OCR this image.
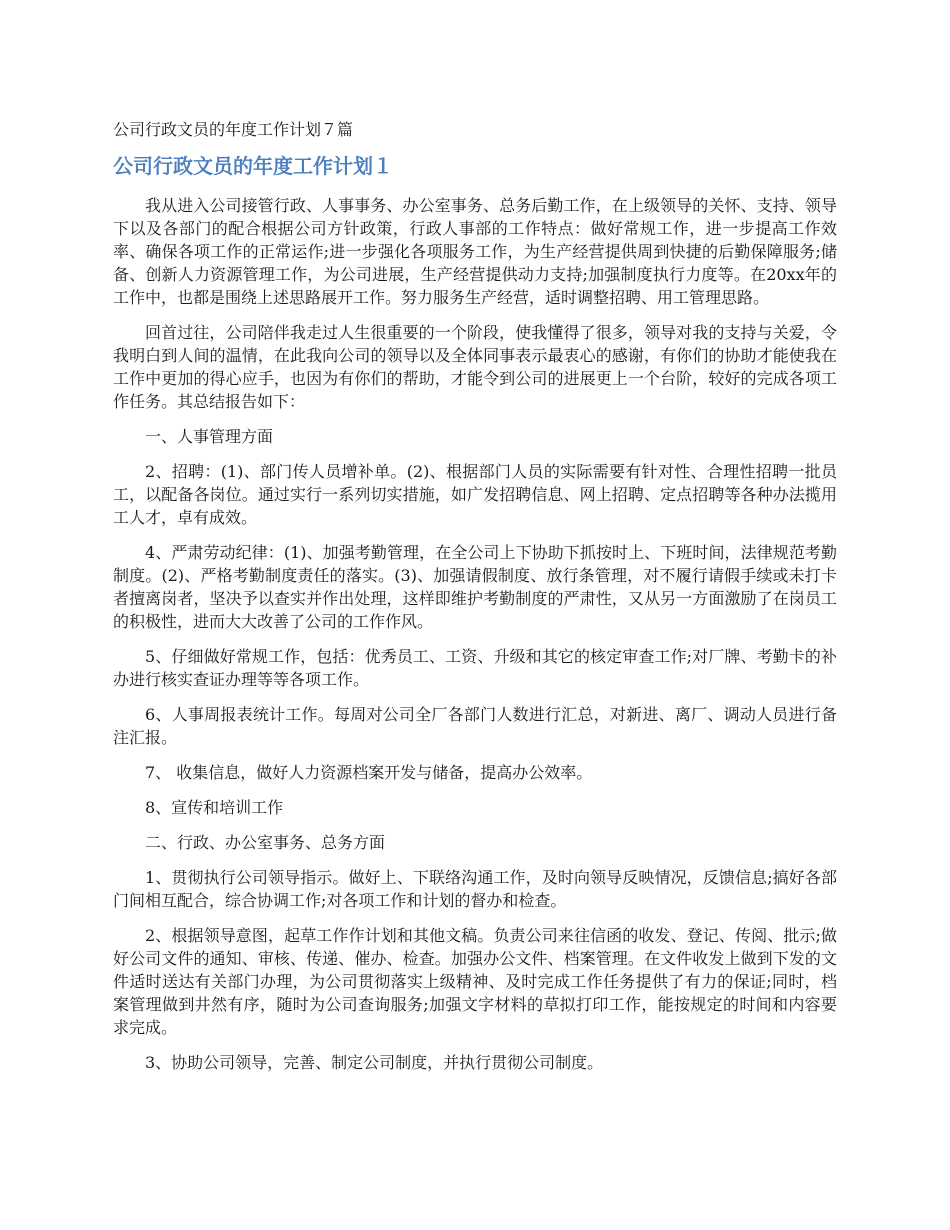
公司行政文员的年度工作计划７篇
公司行政文员的年度工作计划１

我从进入公司接管行政、人事事务、办公室事务、总务后勤工作，在上级领导的关怀、支持、领导下以及各部门的配合根据公司方针政策，行政人事部的工作特点：做好常规工作，进一步提高工作效率、确保各项工作的正常运作;进一步强化各项服务工作，为生产经营提供周到快捷的后勤保障服务;储备、创新人力资源管理工作，为公司进展，生产经营提供动力支持;加强制度执行力度等。在20xx年的工作中，也都是围绕上述思路展开工作。努力服务生产经营，适时调整招聘、用工管理思路。

回首过往，公司陪伴我走过人生很重要的一个阶段，使我懂得了很多，领导对我的支持与关爱，令我明白到人间的温情，在此我向公司的领导以及全体同事表示最衷心的感谢，有你们的协助才能使我在工作中更加的得心应手，也因为有你们的帮助，才能令到公司的进展更上一个台阶，较好的完成各项工作任务。其总结报告如下：

一、人事管理方面

2、招聘：(1)、部门传人员增补单。(2)、根据部门人员的实际需要有针对性、合理性招聘一批员工，以配备各岗位。通过实行一系列切实措施，如广发招聘信息、网上招聘、定点招聘等各种办法揽用工人才，卓有成效。

4、严肃劳动纪律：(1)、加强考勤管理，在全公司上下协助下抓按时上、下班时间，法律规范考勤制度。(2)、严格考勤制度责任的落实。(3)、加强请假制度、放行条管理，对不履行请假手续或未打卡者擅离岗者，坚决予以查实并作出处理，这样即维护考勤制度的严肃性，又从另一方面激励了在岗员工的积极性，进而大大改善了公司的工作作风。

5、仔细做好常规工作，包括：优秀员工、工资、升级和其它的核定审查工作;对厂牌、考勤卡的补办进行核实查证办理等等各项工作。

6、人事周报表统计工作。每周对公司全厂各部门人数进行汇总，对新进、离厂、调动人员进行备注汇报。

7、 收集信息，做好人力资源档案开发与储备，提高办公效率。

8、宣传和培训工作

二、行政、办公室事务、总务方面

1、贯彻执行公司领导指示。做好上、下联络沟通工作，及时向领导反映情况，反馈信息;搞好各部门间相互配合，综合协调工作;对各项工作和计划的督办和检查。

2、根据领导意图，起草工作作计划和其他文稿。负责公司来往信函的收发、登记、传阅、批示;做好公司文件的通知、审核、传递、催办、检查。加强办公文件、档案管理。在文件收发上做到下发的文件适时送达有关部门办理，为公司贯彻落实上级精神、及时完成工作任务提供了有力的保证;同时，档案管理做到井然有序，随时为公司查询服务;加强文字材料的草拟打印工作，能按规定的时间和内容要求完成。

3、协助公司领导，完善、制定公司制度，并执行贯彻公司制度。
